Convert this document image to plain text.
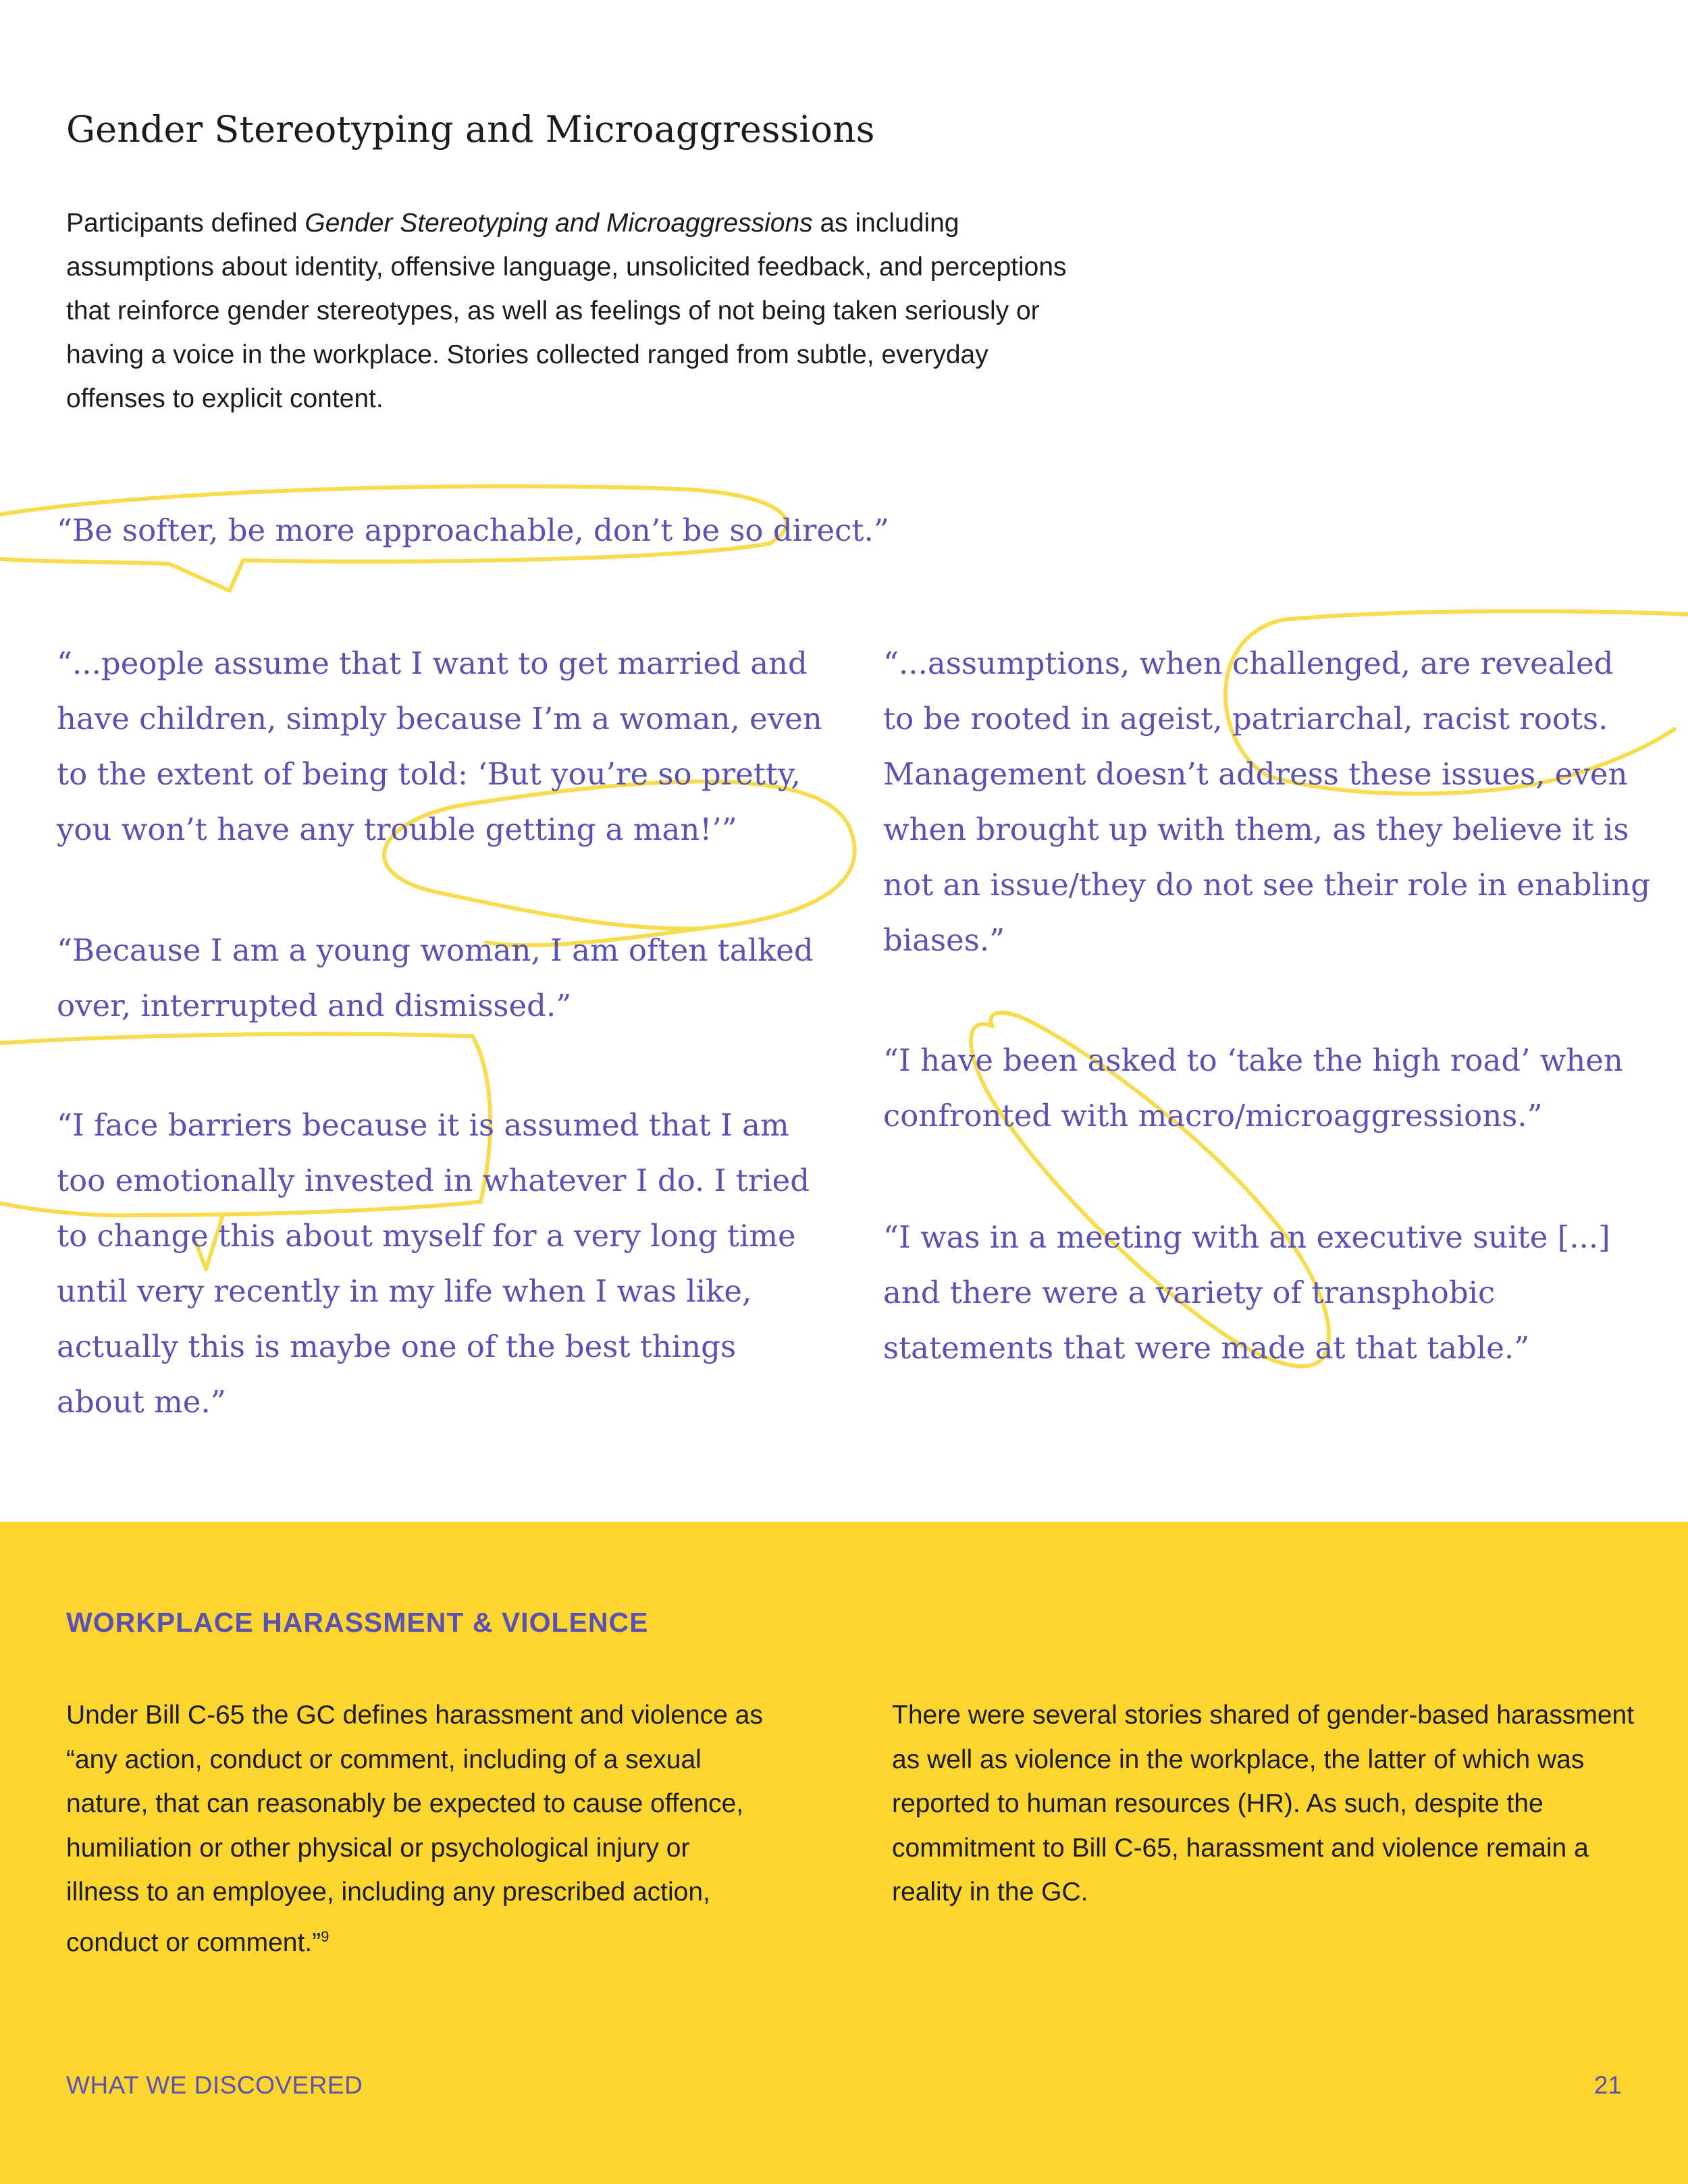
Gender Stereotyping and Microaggressions

Participants defined Gender Stereotyping and Microaggressions as including assumptions about identity, offensive language, unsolicited feedback, and perceptions that reinforce gender stereotypes, as well as feelings of not being taken seriously or having a voice in the workplace. Stories collected ranged from subtle, everyday offenses to explicit content.

“Be softer, be more approachable, don’t be so direct.”

“...people assume that I want to get married and have children, simply because I’m a woman, even to the extent of being told: ‘But you’re so pretty, you won’t have any trouble getting a man!’”

“Because I am a young woman, I am often talked over, interrupted and dismissed.”

“I face barriers because it is assumed that I am too emotionally invested in whatever I do. I tried to change this about myself for a very long time until very recently in my life when I was like, actually this is maybe one of the best things about me.”

“...assumptions, when challenged, are revealed to be rooted in ageist, patriarchal, racist roots. Management doesn’t address these issues, even when brought up with them, as they believe it is not an issue/they do not see their role in enabling biases.”

“I have been asked to ‘take the high road’ when confronted with macro/microaggressions.”

“I was in a meeting with an executive suite [...] and there were a variety of transphobic statements that were made at that table.”

WORKPLACE HARASSMENT & VIOLENCE

Under Bill C-65 the GC defines harassment and violence as “any action, conduct or comment, including of a sexual nature, that can reasonably be expected to cause offence, humiliation or other physical or psychological injury or illness to an employee, including any prescribed action, conduct or comment.”$^9$

There were several stories shared of gender-based harassment as well as violence in the workplace, the latter of which was reported to human resources (HR). As such, despite the commitment to Bill C-65, harassment and violence remain a reality in the GC.

WHAT WE DISCOVERED	21
